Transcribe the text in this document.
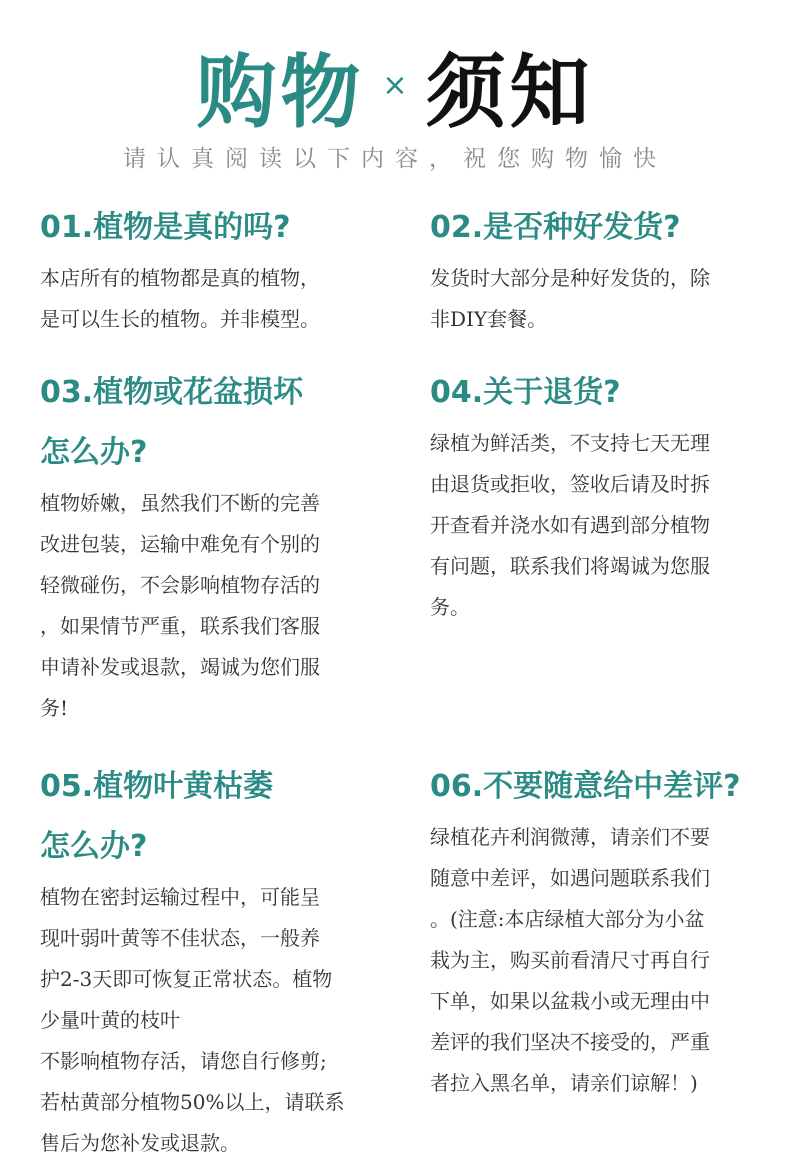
购物 × 须知
请认真阅读以下内容，祝您购物愉快
01.植物是真的吗?

本店所有的植物都是真的植物，
是可以生长的植物。并非模型。

02.是否种好发货?

发货时大部分是种好发货的，除
非DIY套餐。

03.植物或花盆损坏
怎么办?

植物娇嫩，虽然我们不断的完善
改进包装，运输中难免有个别的
轻微碰伤，不会影响植物存活的
，如果情节严重，联系我们客服
申请补发或退款，竭诚为您们服
务!

04.关于退货?

绿植为鲜活类，不支持七天无理
由退货或拒收，签收后请及时拆
开查看并浇水如有遇到部分植物
有问题，联系我们将竭诚为您服
务。

05.植物叶黄枯萎
怎么办?

植物在密封运输过程中，可能呈
现叶弱叶黄等不佳状态，一般养
护2-3天即可恢复正常状态。植物
少量叶黄的枝叶
不影响植物存活，请您自行修剪;
若枯黄部分植物50%以上，请联系
售后为您补发或退款。

06.不要随意给中差评?

绿植花卉利润微薄，请亲们不要
随意中差评，如遇问题联系我们
。(注意:本店绿植大部分为小盆
栽为主，购买前看清尺寸再自行
下单，如果以盆栽小或无理由中
差评的我们坚决不接受的，严重
者拉入黑名单，请亲们谅解！)
